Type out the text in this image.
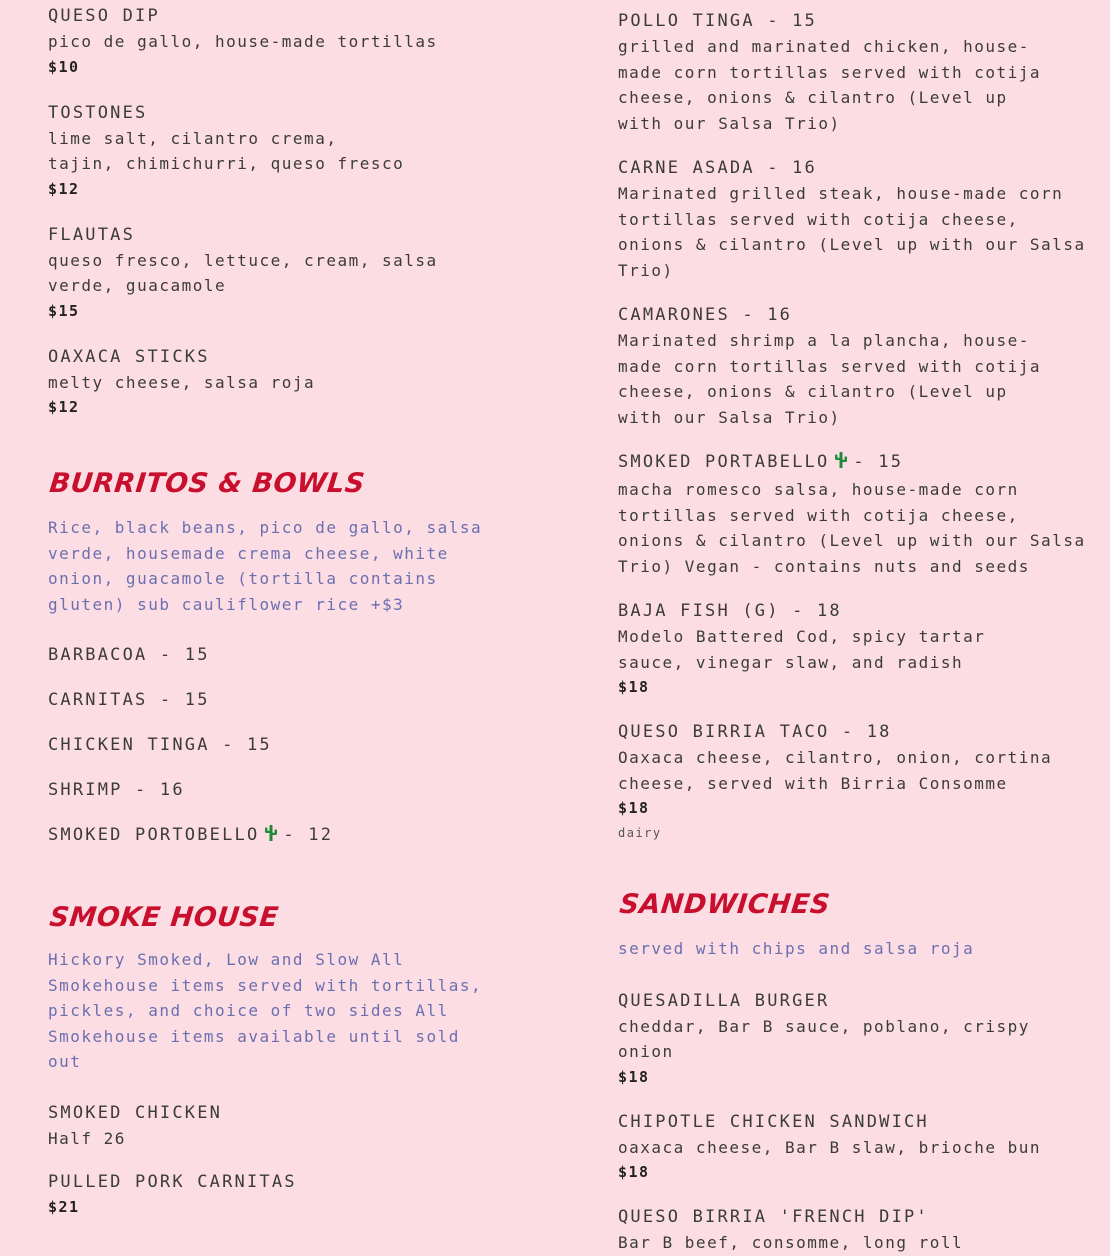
QUESO DIP
pico de gallo, house-made tortillas
$10
TOSTONES
lime salt, cilantro crema, tajin, chimichurri, queso fresco
$12
FLAUTAS
queso fresco, lettuce, cream, salsa verde, guacamole
$15
OAXACA STICKS
melty cheese, salsa roja
$12
BURRITOS & BOWLS
Rice, black beans, pico de gallo, salsa verde, housemade crema cheese, white onion, guacamole (tortilla contains gluten) sub cauliflower rice +$3
BARBACOA - 15
CARNITAS - 15
CHICKEN TINGA - 15
SHRIMP - 16
SMOKED PORTOBELLO - 12
SMOKE HOUSE
Hickory Smoked, Low and Slow All Smokehouse items served with tortillas, pickles, and choice of two sides All Smokehouse items available until sold out
SMOKED CHICKEN
Half 26
PULLED PORK CARNITAS
$21
POLLO TINGA - 15
grilled and marinated chicken, house-made corn tortillas served with cotija cheese, onions & cilantro (Level up with our Salsa Trio)
CARNE ASADA - 16
Marinated grilled steak, house-made corn tortillas served with cotija cheese, onions & cilantro (Level up with our Salsa Trio)
CAMARONES - 16
Marinated shrimp a la plancha, house-made corn tortillas served with cotija cheese, onions & cilantro (Level up with our Salsa Trio)
SMOKED PORTABELLO - 15
macha romesco salsa, house-made corn tortillas served with cotija cheese, onions & cilantro (Level up with our Salsa Trio) Vegan - contains nuts and seeds
BAJA FISH (G) - 18
Modelo Battered Cod, spicy tartar sauce, vinegar slaw, and radish
$18
QUESO BIRRIA TACO - 18
Oaxaca cheese, cilantro, onion, cortina cheese, served with Birria Consomme
$18
dairy
SANDWICHES
served with chips and salsa roja
QUESADILLA BURGER
cheddar, Bar B sauce, poblano, crispy onion
$18
CHIPOTLE CHICKEN SANDWICH
oaxaca cheese, Bar B slaw, brioche bun
$18
QUESO BIRRIA 'FRENCH DIP'
Bar B beef, consomme, long roll
